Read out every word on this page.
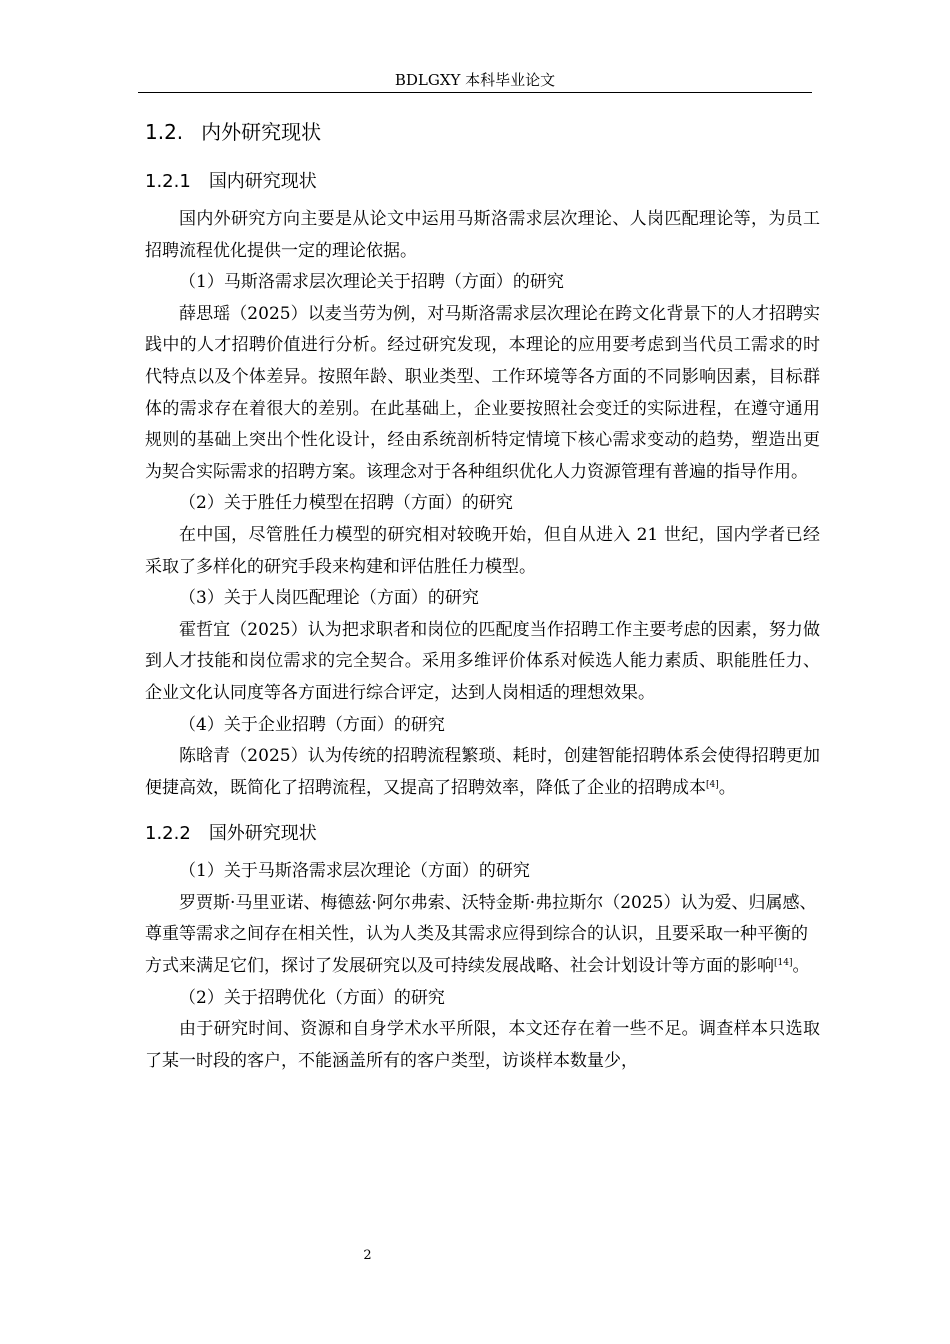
BDLGXY 本科毕业论文
1.2. 内外研究现状
1.2.1 国内研究现状

国内外研究方向主要是从论文中运用马斯洛需求层次理论、人岗匹配理论等，为员工招聘流程优化提供一定的理论依据。

（1）马斯洛需求层次理论关于招聘（方面）的研究

薛思瑶（2025）以麦当劳为例，对马斯洛需求层次理论在跨文化背景下的人才招聘实践中的人才招聘价值进行分析。经过研究发现，本理论的应用要考虑到当代员工需求的时代特点以及个体差异。按照年龄、职业类型、工作环境等各方面的不同影响因素，目标群体的需求存在着很大的差别。在此基础上，企业要按照社会变迁的实际进程，在遵守通用规则的基础上突出个性化设计，经由系统剖析特定情境下核心需求变动的趋势，塑造出更为契合实际需求的招聘方案。该理念对于各种组织优化人力资源管理有普遍的指导作用。

（2）关于胜任力模型在招聘（方面）的研究

在中国，尽管胜任力模型的研究相对较晚开始，但自从进入 21 世纪，国内学者已经采取了多样化的研究手段来构建和评估胜任力模型。

（3）关于人岗匹配理论（方面）的研究

霍哲宜（2025）认为把求职者和岗位的匹配度当作招聘工作主要考虑的因素，努力做到人才技能和岗位需求的完全契合。采用多维评价体系对候选人能力素质、职能胜任力、企业文化认同度等各方面进行综合评定，达到人岗相适的理想效果。

（4）关于企业招聘（方面）的研究

陈晗青（2025）认为传统的招聘流程繁琐、耗时，创建智能招聘体系会使得招聘更加便捷高效，既简化了招聘流程，又提高了招聘效率，降低了企业的招聘成本[4]。

1.2.2 国外研究现状

（1）关于马斯洛需求层次理论（方面）的研究

罗贾斯·马里亚诺、梅德兹·阿尔弗索、沃特金斯·弗拉斯尔（2025）认为爱、归属感、尊重等需求之间存在相关性，认为人类及其需求应得到综合的认识，且要采取一种平衡的方式来满足它们，探讨了发展研究以及可持续发展战略、社会计划设计等方面的影响[14]。

（2）关于招聘优化（方面）的研究

由于研究时间、资源和自身学术水平所限，本文还存在着一些不足。调查样本只选取了某一时段的客户，不能涵盖所有的客户类型，访谈样本数量少，

2
